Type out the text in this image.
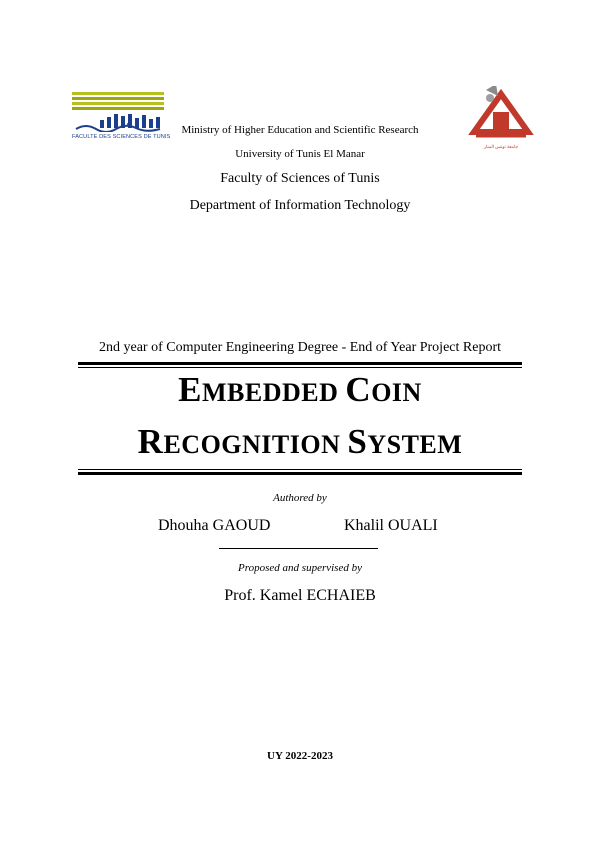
FACULTE DES SCIENCES DE TUNIS
جامعة تونس المنار
Ministry of Higher Education and Scientific Research
University of Tunis El Manar
Faculty of Sciences of Tunis
Department of Information Technology
2nd year of Computer Engineering Degree - End of Year Project Report
EMBEDDED COIN
RECOGNITION SYSTEM
Authored by
Dhouha GAOUD	Khalil OUALI
Proposed and supervised by
Prof. Kamel ECHAIEB
UY 2022-2023
